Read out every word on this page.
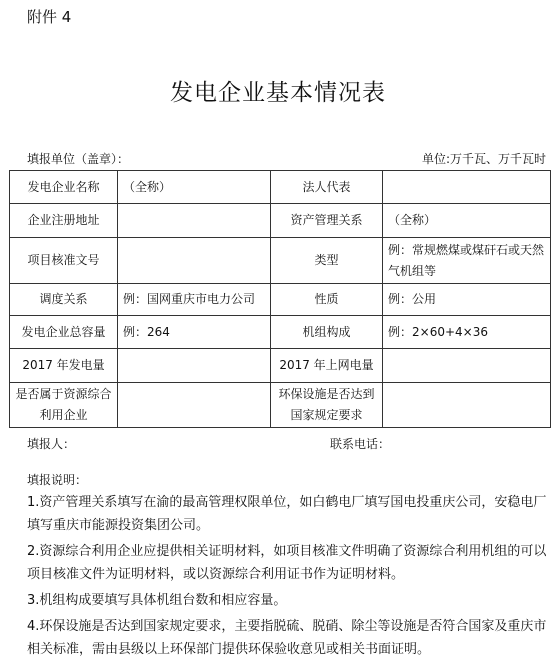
附件 4
发电企业基本情况表
填报单位（盖章）：	单位:万千瓦、万千瓦时
发电企业名称	（全称）	法人代表	
企业注册地址		资产管理关系	（全称）
项目核准文号		类型	例：常规燃煤或煤矸石或天然气机组等
调度关系	例：国网重庆市电力公司	性质	例：公用
发电企业总容量	例：264	机组构成	例：2×60+4×36
2017 年发电量		2017 年上网电量	
是否属于资源综合利用企业		环保设施是否达到国家规定要求	
填报人：	联系电话：
填报说明：

1.资产管理关系填写在渝的最高管理权限单位，如白鹤电厂填写国电投重庆公司，安稳电厂填写重庆市能源投资集团公司。

2.资源综合利用企业应提供相关证明材料，如项目核准文件明确了资源综合利用机组的可以项目核准文件为证明材料，或以资源综合利用证书作为证明材料。

3.机组构成要填写具体机组台数和相应容量。

4.环保设施是否达到国家规定要求，主要指脱硫、脱硝、除尘等设施是否符合国家及重庆市相关标准，需由县级以上环保部门提供环保验收意见或相关书面证明。
